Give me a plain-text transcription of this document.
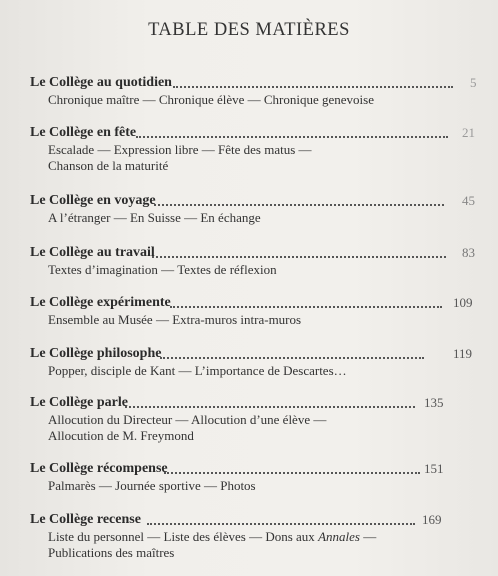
TABLE DES MATIÈRES
Le Collège au quotidien	5
Chronique maître — Chronique élève — Chronique genevoise
Le Collège en fête	21
Escalade — Expression libre — Fête des matus —
Chanson de la maturité
Le Collège en voyage	45
A l’étranger — En Suisse — En échange
Le Collège au travail	83
Textes d’imagination — Textes de réflexion
Le Collège expérimente	109
Ensemble au Musée — Extra-muros intra-muros
Le Collège philosophe	119
Popper, disciple de Kant — L’importance de Descartes…
Le Collège parle	135
Allocution du Directeur — Allocution d’une élève —
Allocution de M. Freymond
Le Collège récompense	151
Palmarès — Journée sportive — Photos
Le Collège recense	169
Liste du personnel — Liste des élèves — Dons aux Annales —
Publications des maîtres
